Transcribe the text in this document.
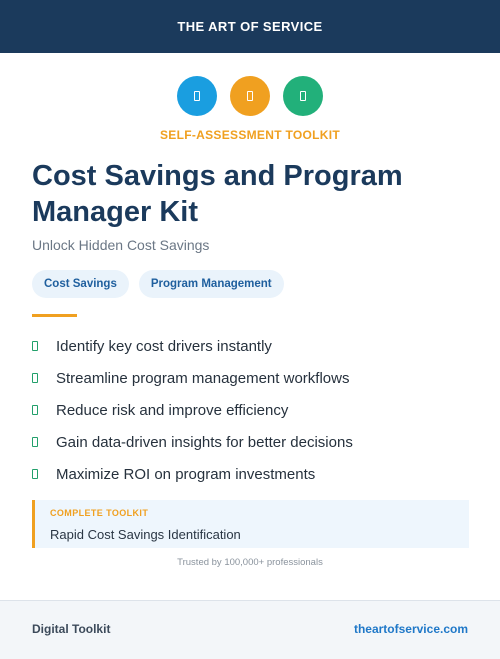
THE ART OF SERVICE
SELF-ASSESSMENT TOOLKIT
Cost Savings and Program Manager Kit
Unlock Hidden Cost Savings
Cost Savings	Program Management
Identify key cost drivers instantly
Streamline program management workflows
Reduce risk and improve efficiency
Gain data-driven insights for better decisions
Maximize ROI on program investments
COMPLETE TOOLKIT
Rapid Cost Savings Identification
Trusted by 100,000+ professionals
Digital Toolkit	theartofservice.com
